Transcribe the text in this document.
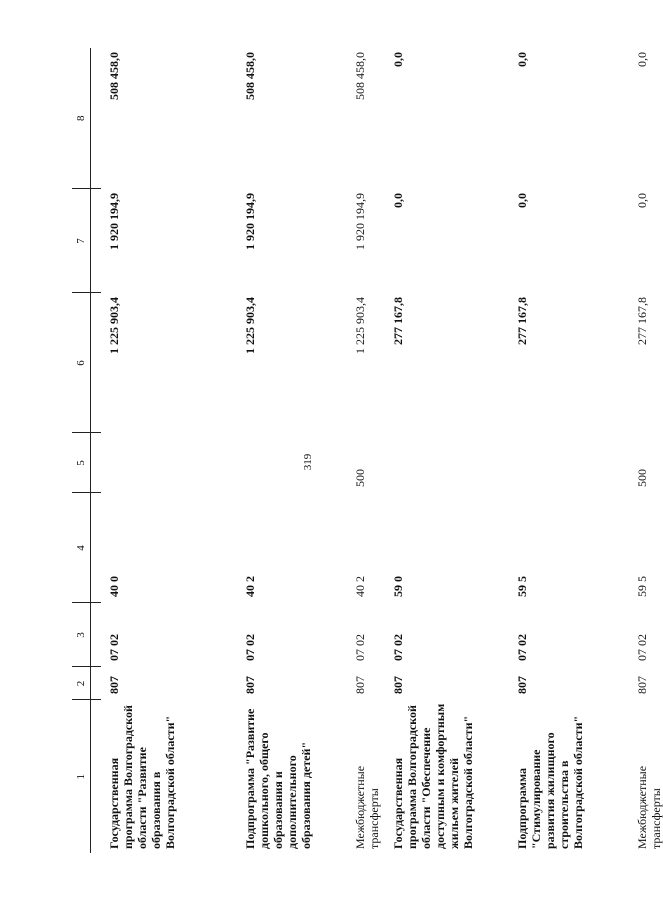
319
1	2	3	4	5	6	7	8

Государственная программа Волгоградской области "Развитие образования в Волгоградской области"	807	07 02	40 0		1 225 903,4	1 920 194,9	508 458,0
Подпрограмма "Развитие дошкольного, общего образования и дополнительного образования детей"	807	07 02	40 2		1 225 903,4	1 920 194,9	508 458,0
Межбюджетные трансферты	807	07 02	40 2	500	1 225 903,4	1 920 194,9	508 458,0
Государственная программа Волгоградской области "Обеспечение доступным и комфортным жильем жителей Волгоградской области"	807	07 02	59 0		277 167,8	0,0	0,0
Подпрограмма "Стимулирование развития жилищного строительства в Волгоградской области"	807	07 02	59 5		277 167,8	0,0	0,0
Межбюджетные трансферты	807	07 02	59 5	500	277 167,8	0,0	0,0
